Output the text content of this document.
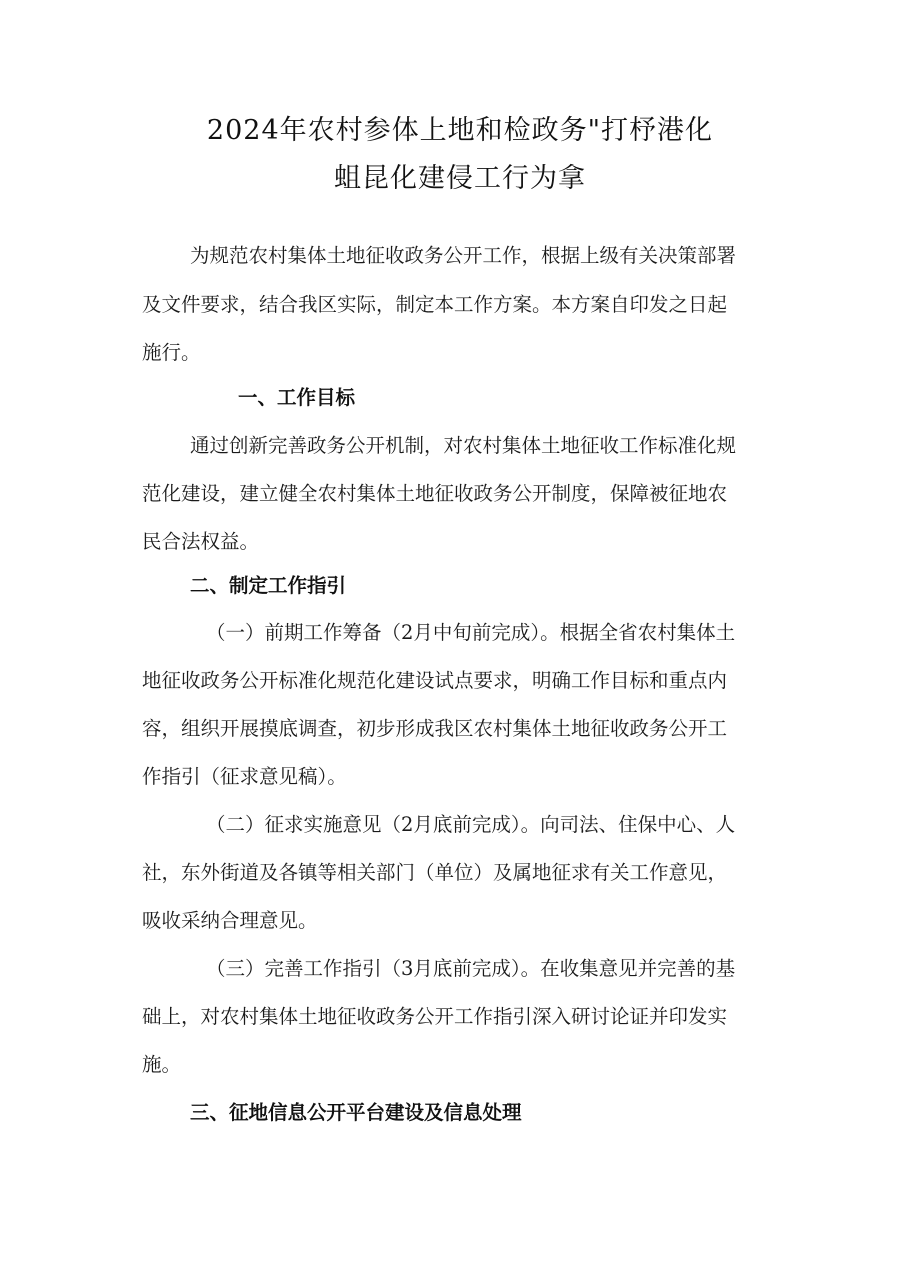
2024年农村参体上地和检政务"打杼港化
蛆昆化建侵工行为拿
为规范农村集体土地征收政务公开工作，根据上级有关决策部署
及文件要求，结合我区实际，制定本工作方案。本方案自印发之日起
施行。
一、工作目标
通过创新完善政务公开机制，对农村集体土地征收工作标准化规
范化建设，建立健全农村集体土地征收政务公开制度，保障被征地农
民合法权益。
二、制定工作指引
（一）前期工作筹备（2月中旬前完成）。根据全省农村集体土
地征收政务公开标准化规范化建设试点要求，明确工作目标和重点内
容，组织开展摸底调查，初步形成我区农村集体土地征收政务公开工
作指引（征求意见稿）。
（二）征求实施意见（2月底前完成）。向司法、住保中心、人
社，东外街道及各镇等相关部门（单位）及属地征求有关工作意见，
吸收采纳合理意见。
（三）完善工作指引（3月底前完成）。在收集意见并完善的基
础上，对农村集体土地征收政务公开工作指引深入研讨论证并印发实
施。
三、征地信息公开平台建设及信息处理
